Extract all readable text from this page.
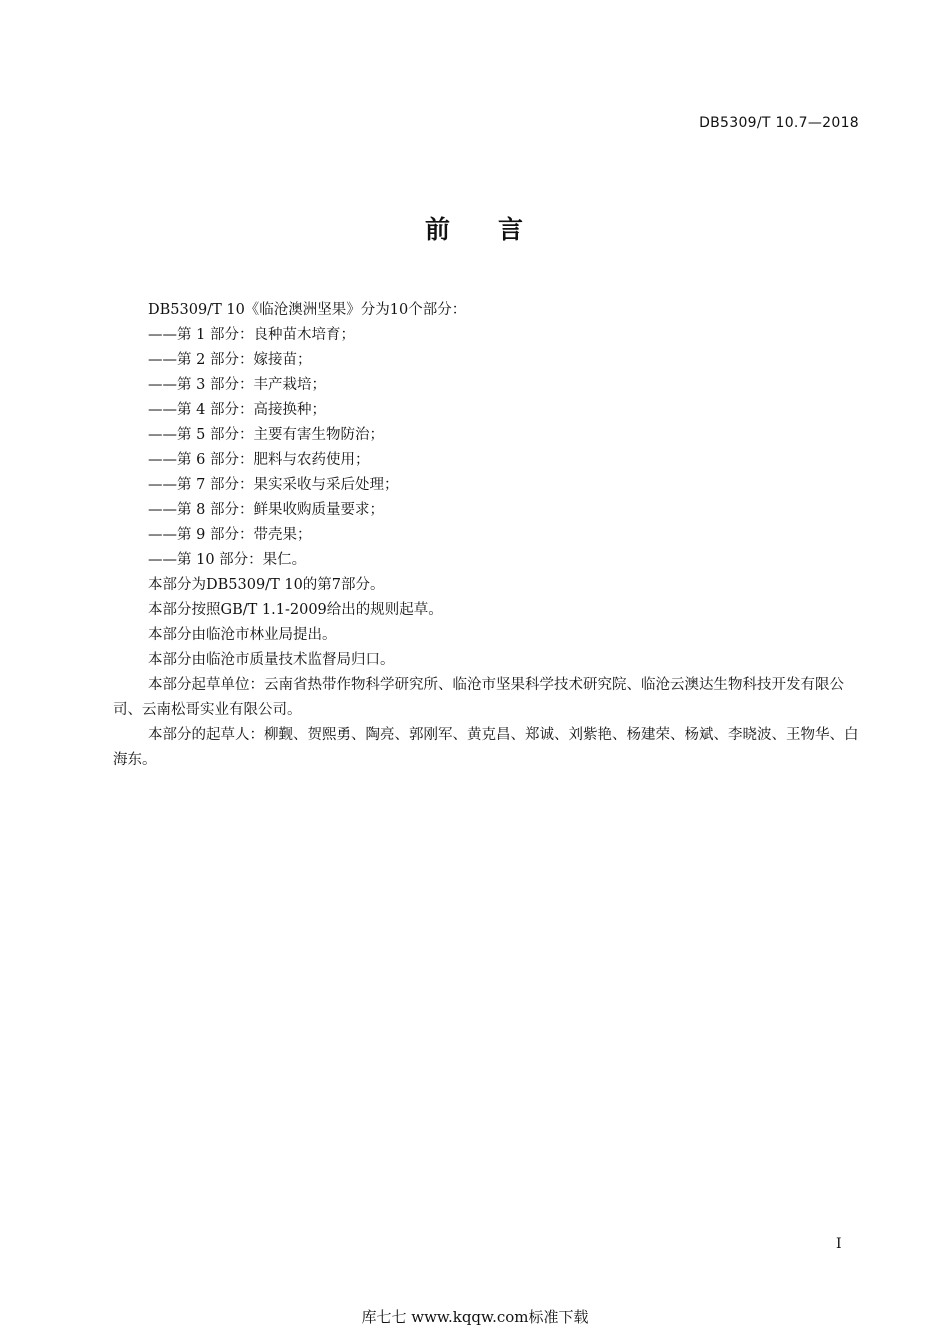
DB5309/T 10.7—2018
前 言

DB5309/T 10《临沧澳洲坚果》分为10个部分：

——第 1 部分：良种苗木培育；

——第 2 部分：嫁接苗；

——第 3 部分：丰产栽培；

——第 4 部分：高接换种；

——第 5 部分：主要有害生物防治；

——第 6 部分：肥料与农药使用；

——第 7 部分：果实采收与采后处理；

——第 8 部分：鲜果收购质量要求；

——第 9 部分：带壳果；

——第 10 部分：果仁。

本部分为DB5309/T 10的第7部分。

本部分按照GB/T 1.1-2009给出的规则起草。

本部分由临沧市林业局提出。

本部分由临沧市质量技术监督局归口。

本部分起草单位：云南省热带作物科学研究所、临沧市坚果科学技术研究院、临沧云澳达生物科技开发有限公司、云南松哥实业有限公司。

本部分的起草人：柳觐、贺熙勇、陶亮、郭刚军、黄克昌、郑诚、刘紫艳、杨建荣、杨斌、李晓波、王物华、白海东。

I
库七七 www.kqqw.com标准下载
